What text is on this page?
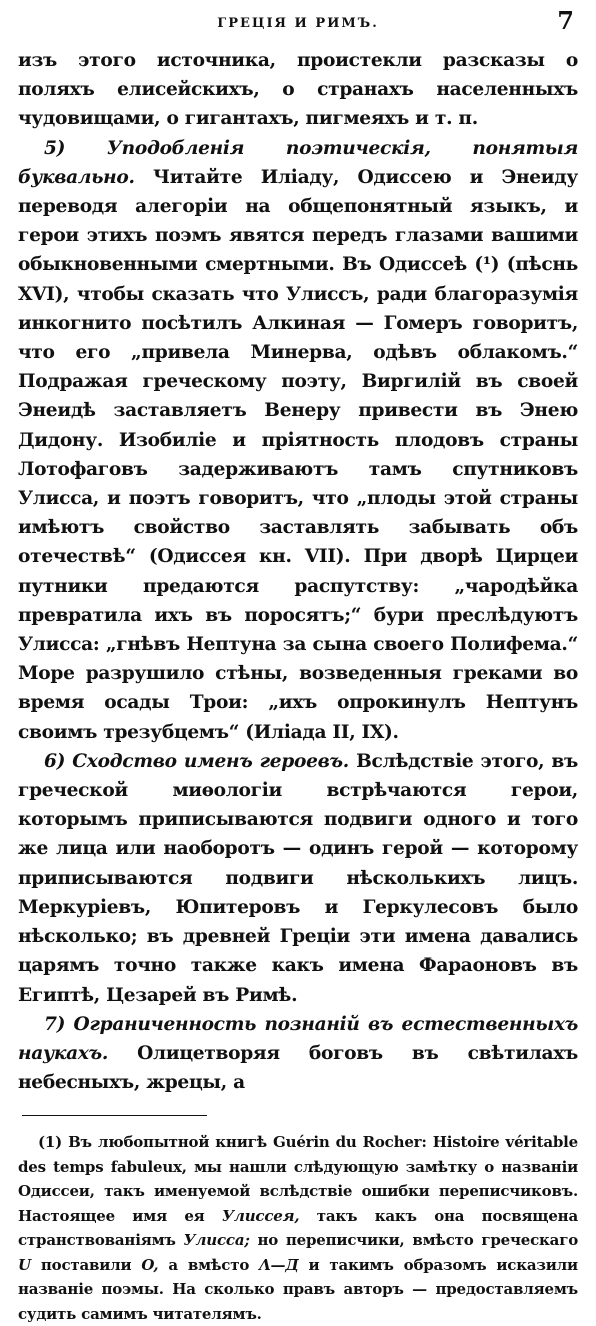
ГРЕЦІЯ И РИМЪ.	7

изъ этого источника, проистекли разсказы о поляхъ елисейскихъ, о странахъ населенныхъ чудовищами, о гигантахъ, пигмеяхъ и т. п.

5) Уподобленія поэтическія, понятыя буквально. Читайте Иліаду, Одиссею и Энеиду переводя алегоріи на общепонятный языкъ, и герои этихъ поэмъ явятся передъ глазами вашими обыкновенными смертными. Въ Одиссеѣ (¹) (пѣснь XVI), чтобы сказать что Улиссъ, ради благоразумія инкогнито посѣтилъ Алкиная — Гомеръ говоритъ, что его „привела Минерва, одѣвъ облакомъ.“ Подражая греческому поэту, Виргилій въ своей Энеидѣ заставляетъ Венеру привести въ Энею Дидону. Изобиліе и пріятность плодовъ страны Лотофаговъ задерживаютъ тамъ спутниковъ Улисса, и поэтъ говоритъ, что „плоды этой страны имѣютъ свойство заставлять забывать объ отечествѣ“ (Одиссея кн. VII). При дворѣ Цирцеи путники предаются распутству: „чародѣйка превратила ихъ въ поросятъ;“ бури преслѣдуютъ Улисса: „гнѣвъ Нептуна за сына своего Полифема.“ Море разрушило стѣны, возведенныя греками во время осады Трои: „ихъ опрокинулъ Нептунъ своимъ трезубцемъ“ (Иліада II, IX).

6) Сходство именъ героевъ. Вслѣдствіе этого, въ греческой миѳологіи встрѣчаются герои, которымъ приписываются подвиги одного и того же лица или наоборотъ — одинъ герой — которому приписываются подвиги нѣсколькихъ лицъ. Меркуріевъ, Юпитеровъ и Геркулесовъ было нѣсколько; въ древней Греціи эти имена давались царямъ точно также какъ имена Фараоновъ въ Египтѣ, Цезарей въ Римѣ.

7) Ограниченность познаній въ естественныхъ наукахъ. Олицетворяя боговъ въ свѣтилахъ небесныхъ, жрецы, а

(1) Въ любопытной книгѣ Guérin du Rocher: Histoire véritable des temps fabuleux, мы нашли слѣдующую замѣтку о названіи Одиссеи, такъ именуемой вслѣдствіе ошибки переписчиковъ. Настоящее имя ея Улиссея, такъ какъ она посвящена странствованіямъ Улисса; но переписчики, вмѣсто греческаго U поставили O, а вмѣсто Λ—Д и такимъ образомъ исказили названіе поэмы. На сколько правъ авторъ — предоставляемъ судить самимъ читателямъ.
